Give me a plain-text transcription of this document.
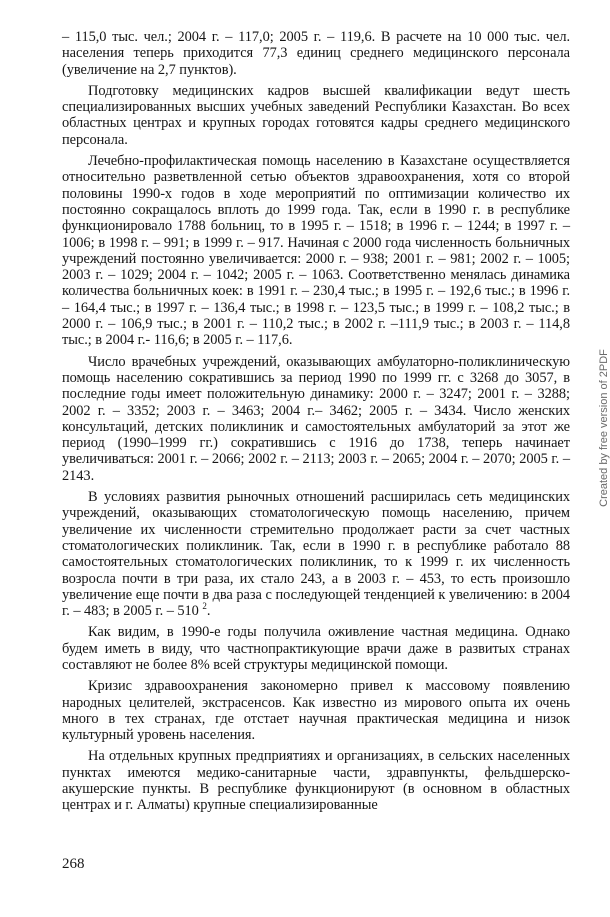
– 115,0 тыс. чел.; 2004 г. – 117,0; 2005 г. – 119,6. В расчете на 10 000 тыс. чел. населения теперь приходится 77,3 единиц среднего медицинского персонала (увеличение на 2,7 пунктов).

Подготовку медицинских кадров высшей квалификации ведут шесть специализированных высших учебных заведений Республики Казахстан. Во всех областных центрах и крупных городах готовятся кадры среднего медицинского персонала.

Лечебно-профилактическая помощь населению в Казахстане осуществляется относительно разветвленной сетью объектов здравоохранения, хотя со второй половины 1990-х годов в ходе мероприятий по оптимизации количество их постоянно сокращалось вплоть до 1999 года. Так, если в 1990 г. в республике функционировало 1788 больниц, то в 1995 г. – 1518; в 1996 г. – 1244; в 1997 г. – 1006; в 1998 г. – 991; в 1999 г. – 917. Начиная с 2000 года численность больничных учреждений постоянно увеличивается: 2000 г. – 938; 2001 г. – 981; 2002 г. – 1005; 2003 г. – 1029; 2004 г. – 1042; 2005 г. – 1063. Соответственно менялась динамика количества больничных коек: в 1991 г. – 230,4 тыс.; в 1995 г. – 192,6 тыс.; в 1996 г. – 164,4 тыс.; в 1997 г. – 136,4 тыс.; в 1998 г. – 123,5 тыс.; в 1999 г. – 108,2 тыс.; в 2000 г. – 106,9 тыс.; в 2001 г. – 110,2 тыс.; в 2002 г. –111,9 тыс.; в 2003 г. – 114,8 тыс.; в 2004 г.- 116,6; в 2005 г. – 117,6.

Число врачебных учреждений, оказывающих амбулаторно-поликлиническую помощь населению сократившись за период 1990 по 1999 гг. с 3268 до 3057, в последние годы имеет положительную динамику: 2000 г. – 3247; 2001 г. – 3288; 2002 г. – 3352; 2003 г. – 3463; 2004 г.– 3462; 2005 г. – 3434. Число женских консультаций, детских поликлиник и самостоятельных амбулаторий за этот же период (1990–1999 гг.) сократившись с 1916 до 1738, теперь начинает увеличиваться: 2001 г. – 2066; 2002 г. – 2113; 2003 г. – 2065; 2004 г. – 2070; 2005 г. – 2143.

В условиях развития рыночных отношений расширилась сеть медицинских учреждений, оказывающих стоматологическую помощь населению, причем увеличение их численности стремительно продолжает расти за счет частных стоматологических поликлиник. Так, если в 1990 г. в республике работало 88 самостоятельных стоматологических поликлиник, то к 1999 г. их численность возросла почти в три раза, их стало 243, а в 2003 г. – 453, то есть произошло увеличение еще почти в два раза с последующей тенденцией к увеличению: в 2004 г. – 483; в 2005 г. – 510 $^2$.

Как видим, в 1990-е годы получила оживление частная медицина. Однако будем иметь в виду, что частнопрактикующие врачи даже в развитых странах составляют не более 8% всей структуры медицинской помощи.

Кризис здравоохранения закономерно привел к массовому появлению народных целителей, экстрасенсов. Как известно из мирового опыта их очень много в тех странах, где отстает научная практическая медицина и низок культурный уровень населения.

На отдельных крупных предприятиях и организациях, в сельских населенных пунктах имеются медико-санитарные части, здравпункты, фельдшерско-акушерские пункты. В республике функционируют (в основном в областных центрах и г. Алматы) крупные специализированные

268
Created by free version of 2PDF
